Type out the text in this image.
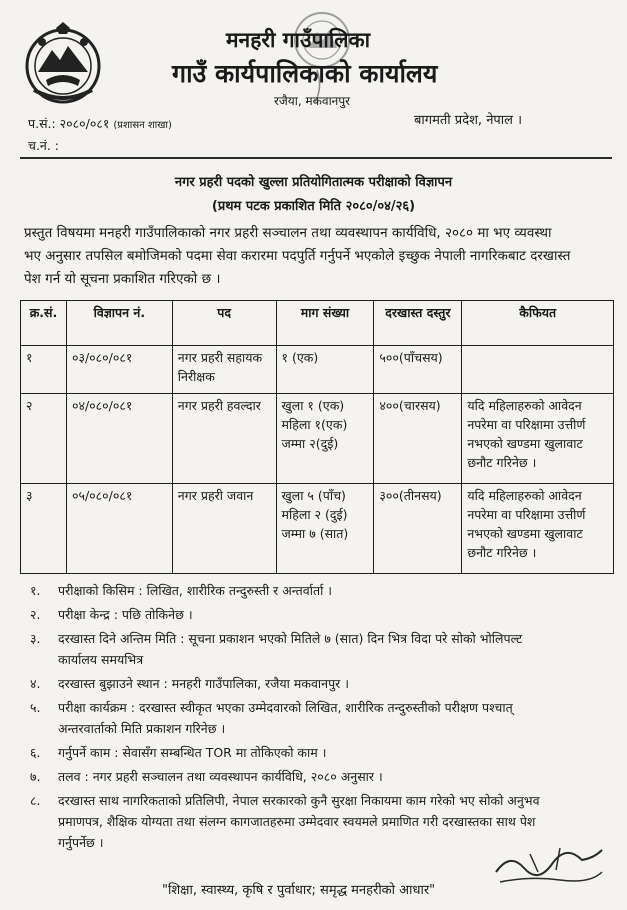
मनहरी गाउँपालिका
गाउँ कार्यपालिकाको कार्यालय
रजैया, मकवानपुर
प.सं.: २०८०/०८१ (प्रशासन शाखा)	बागमती प्रदेश, नेपाल ।
च.नं. :
नगर प्रहरी पदको खुल्ला प्रतियोगितात्मक परीक्षाको विज्ञापन
(प्रथम पटक प्रकाशित मिति २०८०/०४/२६)
प्रस्तुत विषयमा मनहरी गाउँपालिकाको नगर प्रहरी सञ्चालन तथा व्यवस्थापन कार्यविधि, २०८० मा भए व्यवस्था
भए अनुसार तपसिल बमोजिमको पदमा सेवा करारमा पदपुर्ति गर्नुपर्ने भएकोले इच्छुक नेपाली नागरिकबाट दरखास्त
पेश गर्न यो सूचना प्रकाशित गरिएको छ ।
क्र.सं.	विज्ञापन नं.	पद	माग संख्या	दरखास्त दस्तुर	कैफियत
१	०३/०८०/०८१	नगर प्रहरी सहायक निरीक्षक	१ (एक)	५००(पाँचसय)	
२	०४/०८०/०८१	नगर प्रहरी हवल्दार	खुला १ (एक)
महिला १(एक)
जम्मा २(दुई)	४००(चारसय)	यदि महिलाहरुको आवेदन नपरेमा वा परिक्षामा उत्तीर्ण नभएको खण्डमा खुलावाट छनौट गरिनेछ ।
३	०५/०८०/०८१	नगर प्रहरी जवान	खुला ५ (पाँच)
महिला २ (दुई)
जम्मा ७ (सात)	३००(तीनसय)	यदि महिलाहरुको आवेदन नपरेमा वा परिक्षामा उत्तीर्ण नभएको खण्डमा खुलावाट छनौट गरिनेछ ।
१.	परीक्षाको किसिम : लिखित, शारीरिक तन्दुरुस्ती र अन्तर्वार्ता ।
२.	परीक्षा केन्द्र : पछि तोकिनेछ ।
३.	दरखास्त दिने अन्तिम मिति : सूचना प्रकाशन भएको मितिले ७ (सात) दिन भित्र विदा परे सोको भोलिपल्ट
कार्यालय समयभित्र
४.	दरखास्त बुझाउने स्थान : मनहरी गाउँपालिका, रजैया मकवानपुर ।
५.	परीक्षा कार्यक्रम : दरखास्त स्वीकृत भएका उम्मेदवारको लिखित, शारीरिक तन्दुरुस्तीको परीक्षण पश्चात्
अन्तरवार्ताको मिति प्रकाशन गरिनेछ ।
६.	गर्नुपर्ने काम : सेवासँग सम्बन्धित TOR मा तोकिएको काम ।
७.	तलव : नगर प्रहरी सञ्चालन तथा व्यवस्थापन कार्यविधि, २०८० अनुसार ।
८.	दरखास्त साथ नागरिकताको प्रतिलिपी, नेपाल सरकारको कुनै सुरक्षा निकायमा काम गरेको भए सोको अनुभव
प्रमाणपत्र, शैक्षिक योग्यता तथा संलग्न कागजातहरुमा उम्मेदवार स्वयमले प्रमाणित गरी दरखास्तका साथ पेश
गर्नुपर्नेछ ।
"शिक्षा, स्वास्थ्य, कृषि र पुर्वाधार; समृद्ध मनहरीको आधार"
